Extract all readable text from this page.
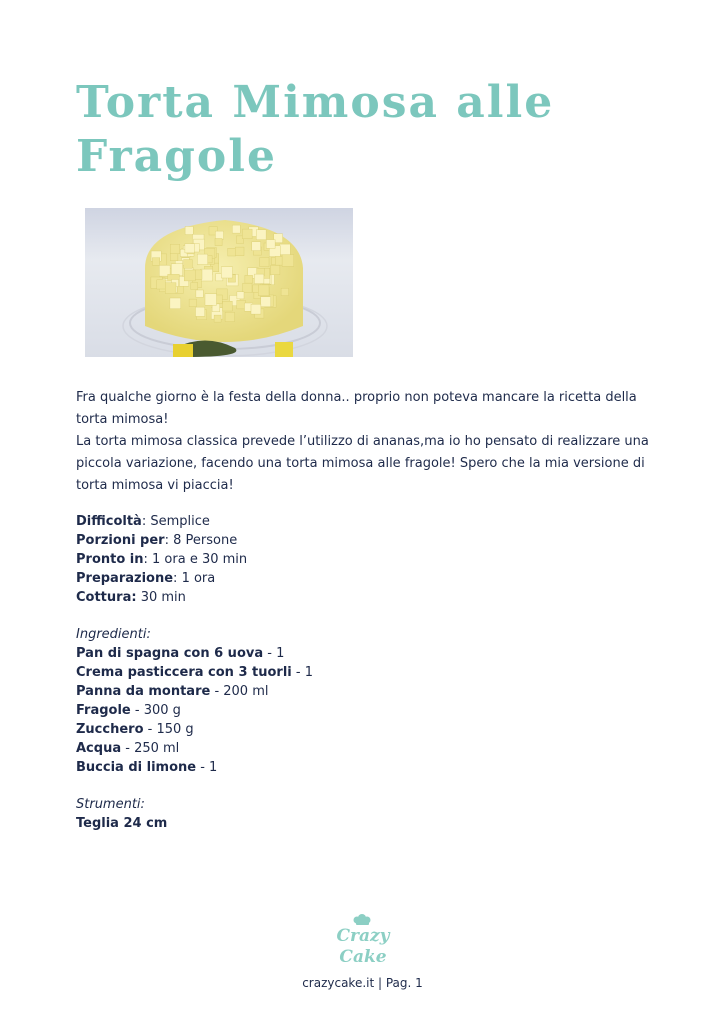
Torta Mimosa alle Fragole

Fra qualche giorno è la festa della donna.. proprio non poteva mancare la ricetta della torta mimosa!

La torta mimosa classica prevede l’utilizzo di ananas,ma io ho pensato di realizzare una piccola variazione, facendo una torta mimosa alle fragole! Spero che la mia versione di torta mimosa vi piaccia!

Difficoltà: Semplice
Porzioni per: 8 Persone
Pronto in: 1 ora e 30 min
Preparazione: 1 ora
Cottura: 30 min
Ingredienti:
Pan di spagna con 6 uova - 1
Crema pasticcera con 3 tuorli - 1
Panna da montare - 200 ml
Fragole - 300 g
Zucchero - 150 g
Acqua - 250 ml
Buccia di limone - 1
Strumenti:
Teglia 24 cm
Crazy
Cake
crazycake.it | Pag. 1
